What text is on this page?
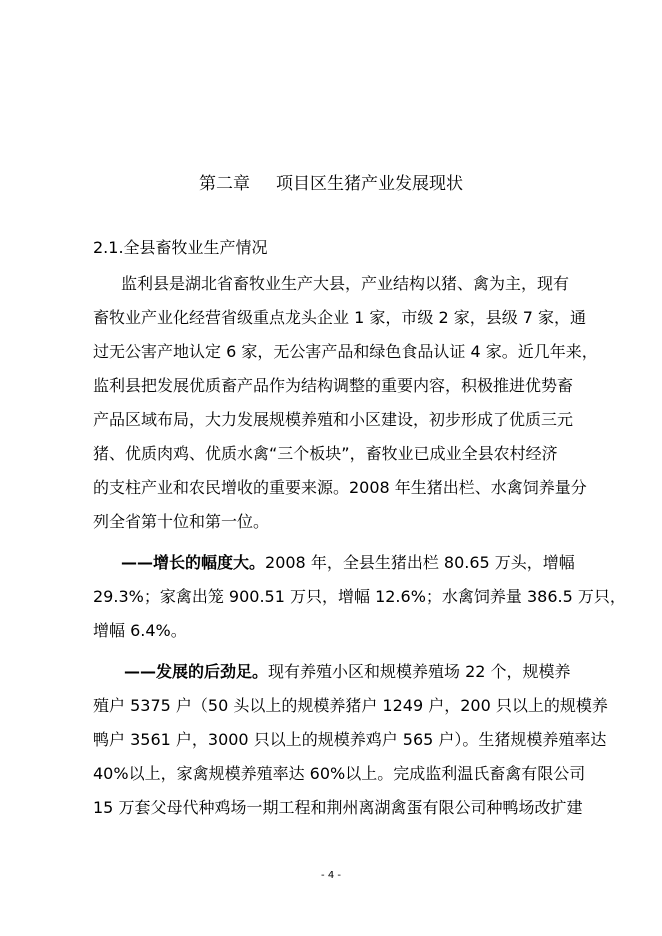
第二章 项目区生猪产业发展现状
2.1.全县畜牧业生产情况
监利县是湖北省畜牧业生产大县，产业结构以猪、禽为主，现有
畜牧业产业化经营省级重点龙头企业 1 家，市级 2 家，县级 7 家，通
过无公害产地认定 6 家，无公害产品和绿色食品认证 4 家。近几年来，
监利县把发展优质畜产品作为结构调整的重要内容，积极推进优势畜
产品区域布局，大力发展规模养殖和小区建设，初步形成了优质三元
猪、优质肉鸡、优质水禽“三个板块”，畜牧业已成业全县农村经济
的支柱产业和农民增收的重要来源。2008 年生猪出栏、水禽饲养量分
列全省第十位和第一位。
——增长的幅度大。2008 年，全县生猪出栏 80.65 万头，增幅
29.3%；家禽出笼 900.51 万只，增幅 12.6%；水禽饲养量 386.5 万只，
增幅 6.4%。
——发展的后劲足。现有养殖小区和规模养殖场 22 个，规模养
殖户 5375 户（50 头以上的规模养猪户 1249 户，200 只以上的规模养
鸭户 3561 户，3000 只以上的规模养鸡户 565 户）。生猪规模养殖率达
40%以上，家禽规模养殖率达 60%以上。完成监利温氏畜禽有限公司
15 万套父母代种鸡场一期工程和荆州离湖禽蛋有限公司种鸭场改扩建
- 4 -
